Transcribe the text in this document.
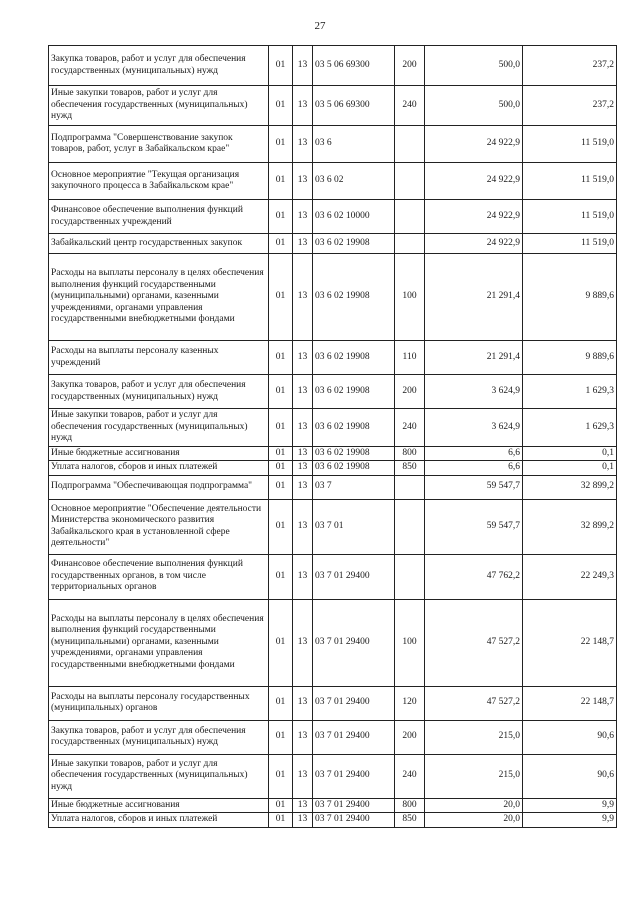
27
Закупка товаров, работ и услуг для обеспечения государственных (муниципальных) нужд	01	13	03 5 06 69300	200	500,0	237,2
Иные закупки товаров, работ и услуг для обеспечения государственных (муниципальных) нужд	01	13	03 5 06 69300	240	500,0	237,2
Подпрограмма "Совершенствование закупок товаров, работ, услуг в Забайкальском крае"	01	13	03 6		24 922,9	11 519,0
Основное мероприятие "Текущая организация закупочного процесса в Забайкальском крае"	01	13	03 6 02		24 922,9	11 519,0
Финансовое обеспечение выполнения функций государственных учреждений	01	13	03 6 02 10000		24 922,9	11 519,0
Забайкальский центр государственных закупок	01	13	03 6 02 19908		24 922,9	11 519,0
Расходы на выплаты персоналу в целях обеспечения выполнения функций государственными (муниципальными) органами, казенными учреждениями, органами управления государственными внебюджетными фондами	01	13	03 6 02 19908	100	21 291,4	9 889,6
Расходы на выплаты персоналу казенных учреждений	01	13	03 6 02 19908	110	21 291,4	9 889,6
Закупка товаров, работ и услуг для обеспечения государственных (муниципальных) нужд	01	13	03 6 02 19908	200	3 624,9	1 629,3
Иные закупки товаров, работ и услуг для обеспечения государственных (муниципальных) нужд	01	13	03 6 02 19908	240	3 624,9	1 629,3
Иные бюджетные ассигнования	01	13	03 6 02 19908	800	6,6	0,1
Уплата налогов, сборов и иных платежей	01	13	03 6 02 19908	850	6,6	0,1
Подпрограмма "Обеспечивающая подпрограмма"	01	13	03 7		59 547,7	32 899,2
Основное мероприятие "Обеспечение деятельности Министерства экономического развития Забайкальского края в установленной сфере деятельности"	01	13	03 7 01		59 547,7	32 899,2
Финансовое обеспечение выполнения функций государственных органов, в том числе территориальных органов	01	13	03 7 01 29400		47 762,2	22 249,3
Расходы на выплаты персоналу в целях обеспечения выполнения функций государственными (муниципальными) органами, казенными учреждениями, органами управления государственными внебюджетными фондами	01	13	03 7 01 29400	100	47 527,2	22 148,7
Расходы на выплаты персоналу государственных (муниципальных) органов	01	13	03 7 01 29400	120	47 527,2	22 148,7
Закупка товаров, работ и услуг для обеспечения государственных (муниципальных) нужд	01	13	03 7 01 29400	200	215,0	90,6
Иные закупки товаров, работ и услуг для обеспечения государственных (муниципальных) нужд	01	13	03 7 01 29400	240	215,0	90,6
Иные бюджетные ассигнования	01	13	03 7 01 29400	800	20,0	9,9
Уплата налогов, сборов и иных платежей	01	13	03 7 01 29400	850	20,0	9,9
